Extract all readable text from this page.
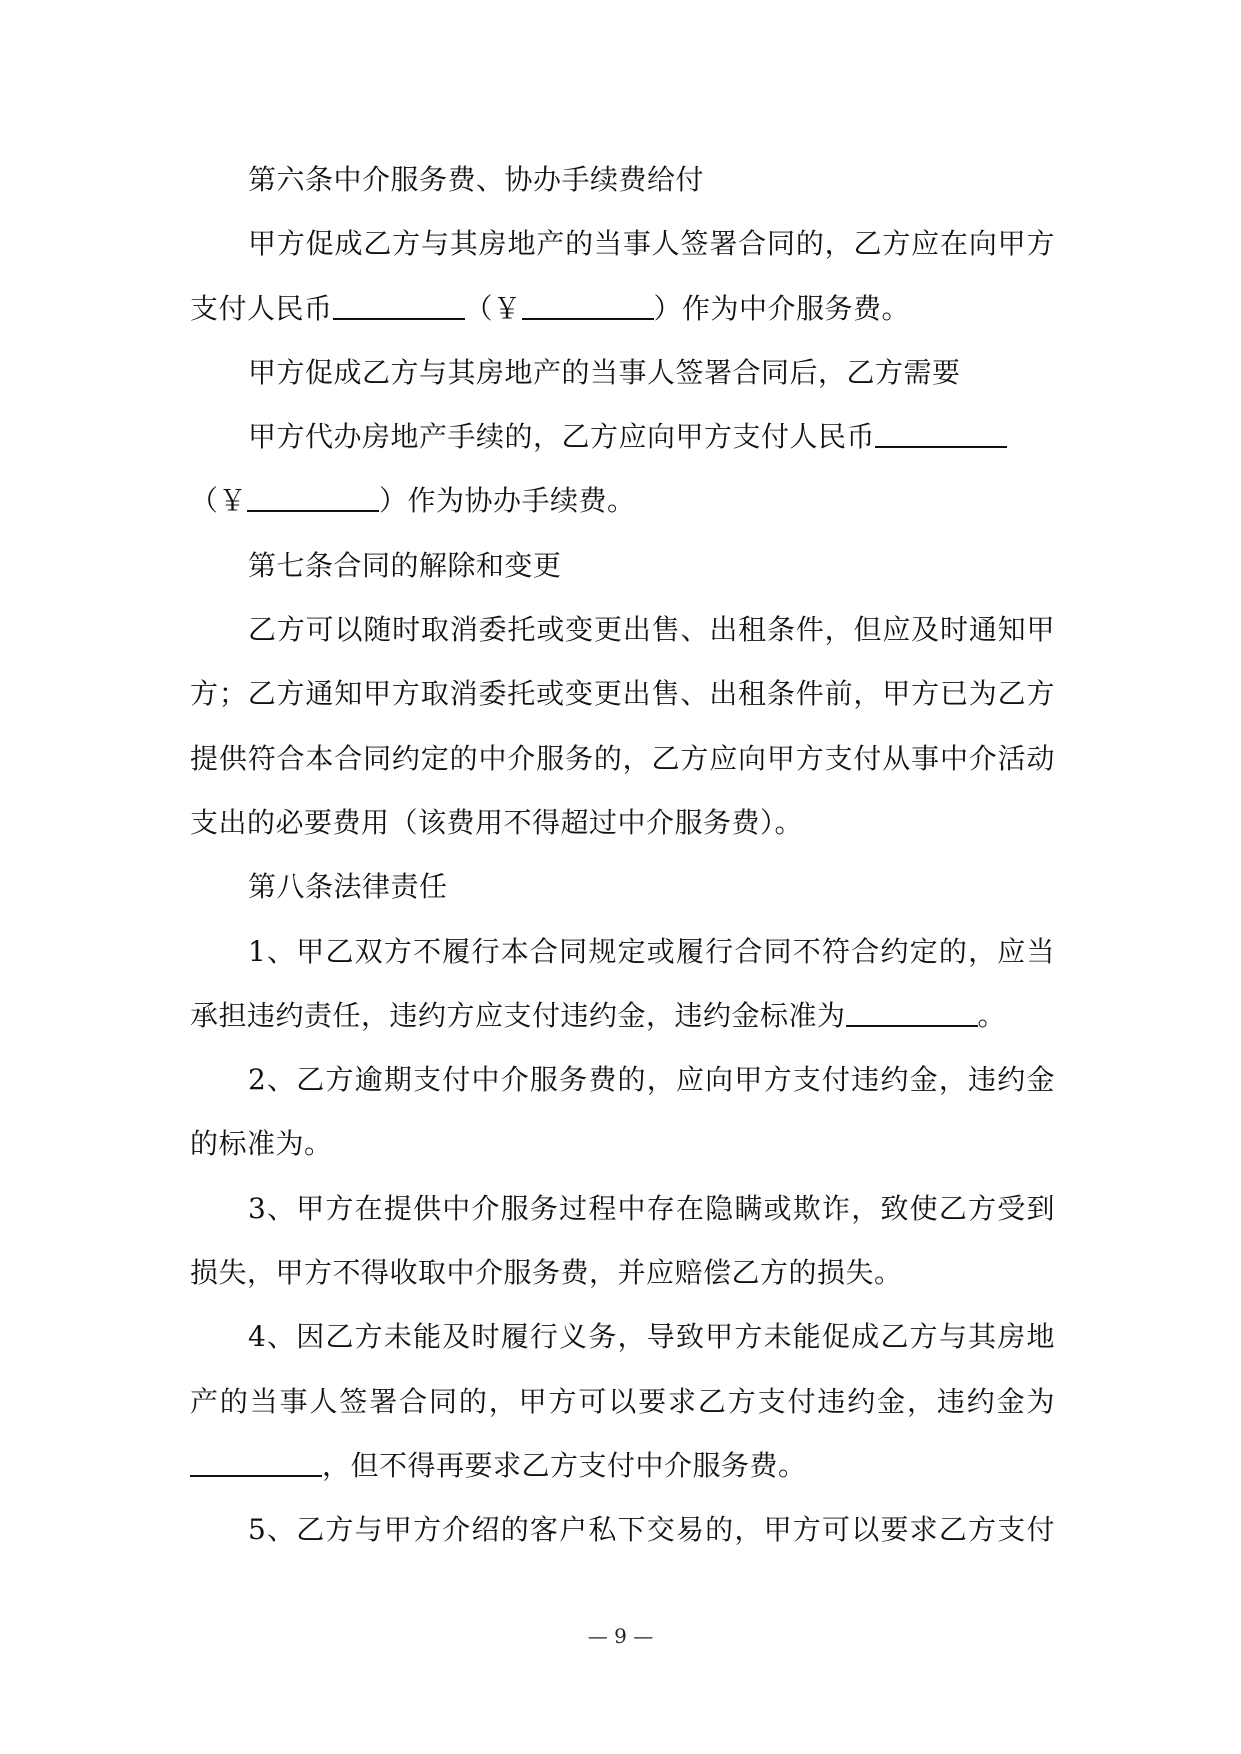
第六条中介服务费、协办手续费给付
甲方促成乙方与其房地产的当事人签署合同的，乙方应在向甲方
支付人民币	（￥	）作为中介服务费。
甲方促成乙方与其房地产的当事人签署合同后，乙方需要
甲方代办房地产手续的，乙方应向甲方支付人民币
（￥	）作为协办手续费。
第七条合同的解除和变更
乙方可以随时取消委托或变更出售、出租条件，但应及时通知甲
方；乙方通知甲方取消委托或变更出售、出租条件前，甲方已为乙方
提供符合本合同约定的中介服务的，乙方应向甲方支付从事中介活动
支出的必要费用（该费用不得超过中介服务费）。
第八条法律责任
1、甲乙双方不履行本合同规定或履行合同不符合约定的，应当
承担违约责任，违约方应支付违约金，违约金标准为	。
2、乙方逾期支付中介服务费的，应向甲方支付违约金，违约金
的标准为。
3、甲方在提供中介服务过程中存在隐瞒或欺诈，致使乙方受到
损失，甲方不得收取中介服务费，并应赔偿乙方的损失。
4、因乙方未能及时履行义务，导致甲方未能促成乙方与其房地
产的当事人签署合同的，甲方可以要求乙方支付违约金，违约金为
，但不得再要求乙方支付中介服务费。
5、乙方与甲方介绍的客户私下交易的，甲方可以要求乙方支付
— 9 —
